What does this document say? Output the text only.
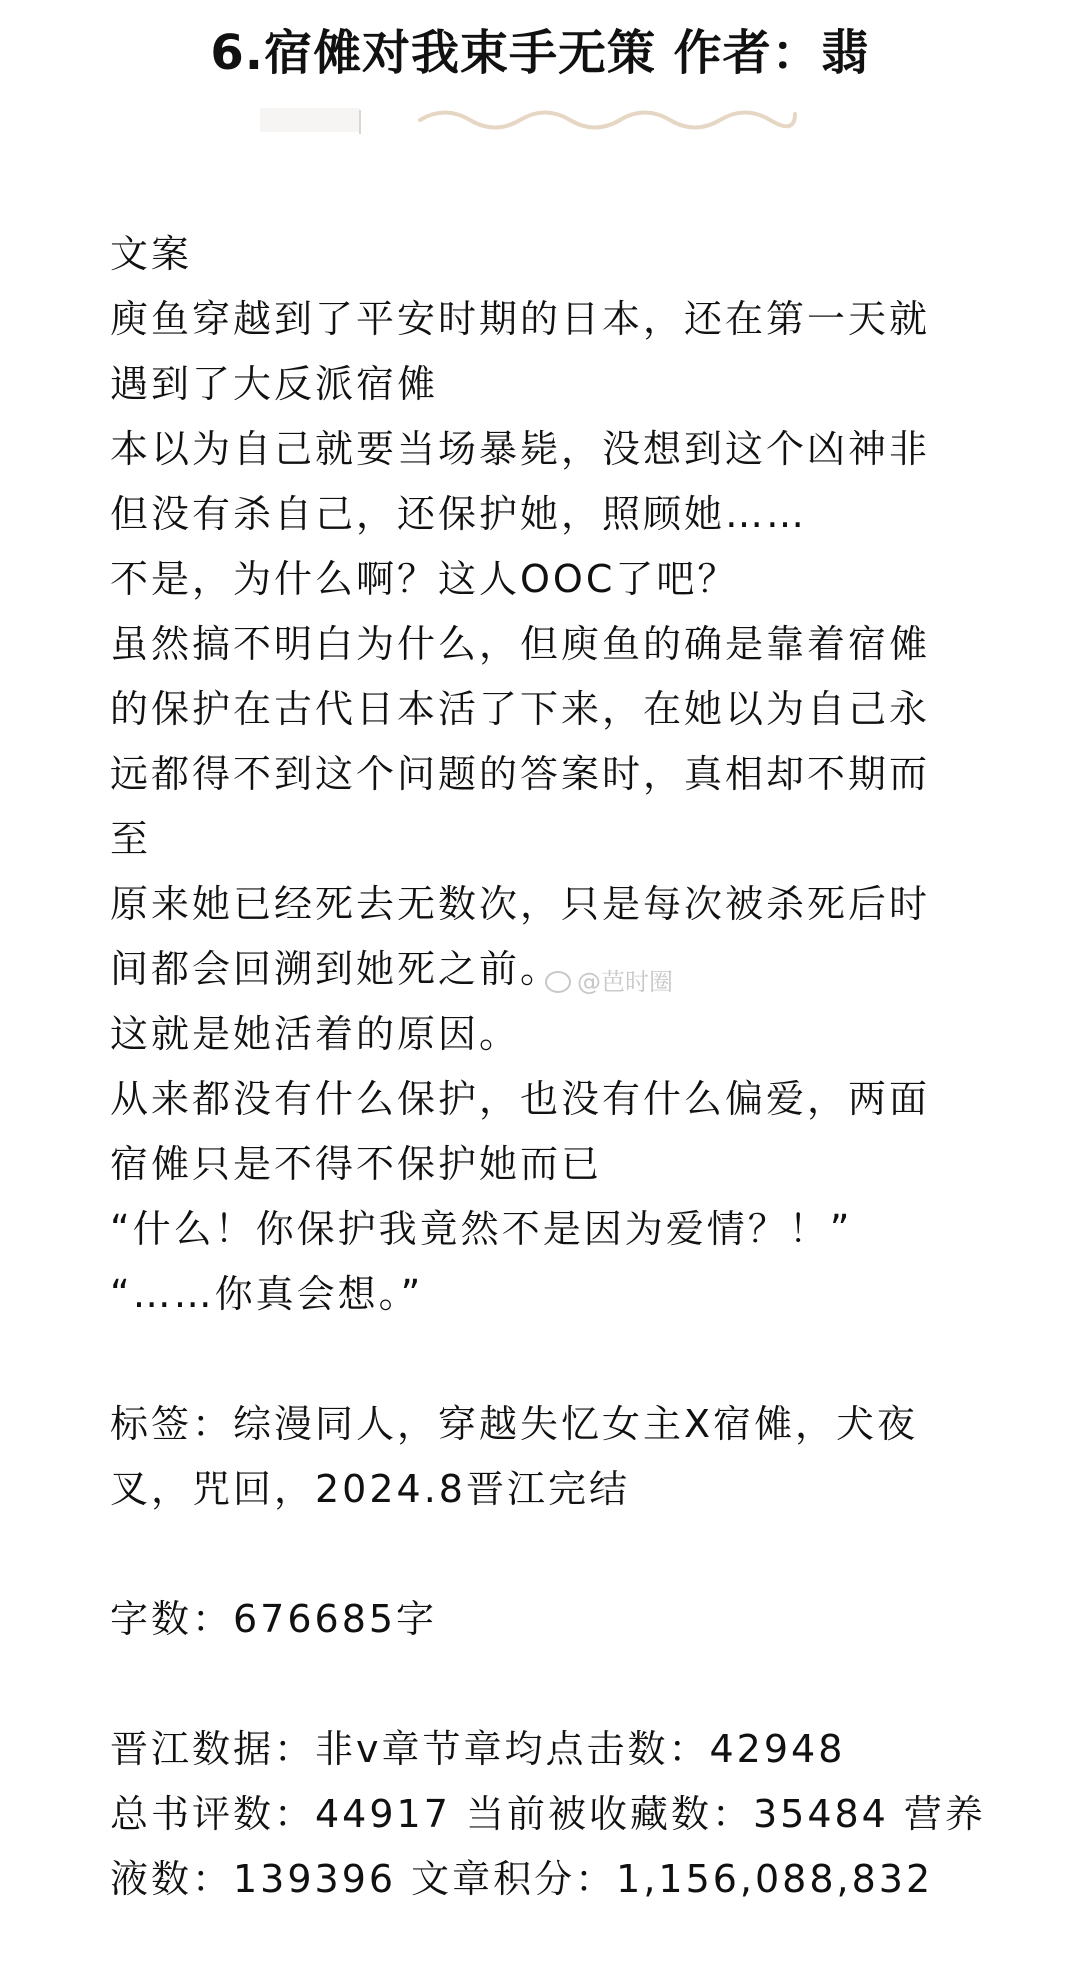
6.宿傩对我束手无策 作者：翡
文案
庾鱼穿越到了平安时期的日本，还在第一天就
遇到了大反派宿傩
本以为自己就要当场暴毙，没想到这个凶神非
但没有杀自己，还保护她，照顾她……
不是，为什么啊？这人OOC了吧？
虽然搞不明白为什么，但庾鱼的确是靠着宿傩
的保护在古代日本活了下来，在她以为自己永
远都得不到这个问题的答案时，真相却不期而
至
原来她已经死去无数次，只是每次被杀死后时
间都会回溯到她死之前。
这就是她活着的原因。
从来都没有什么保护，也没有什么偏爱，两面
宿傩只是不得不保护她而已
“什么！你保护我竟然不是因为爱情？！”
“……你真会想。”
标签：综漫同人，穿越失忆女主X宿傩，犬夜
叉，咒回，2024.8晋江完结
字数：676685字
晋江数据：非v章节章均点击数：42948
总书评数：44917 当前被收藏数：35484 营养
液数：139396 文章积分：1,156,088,832
@芭时圈
